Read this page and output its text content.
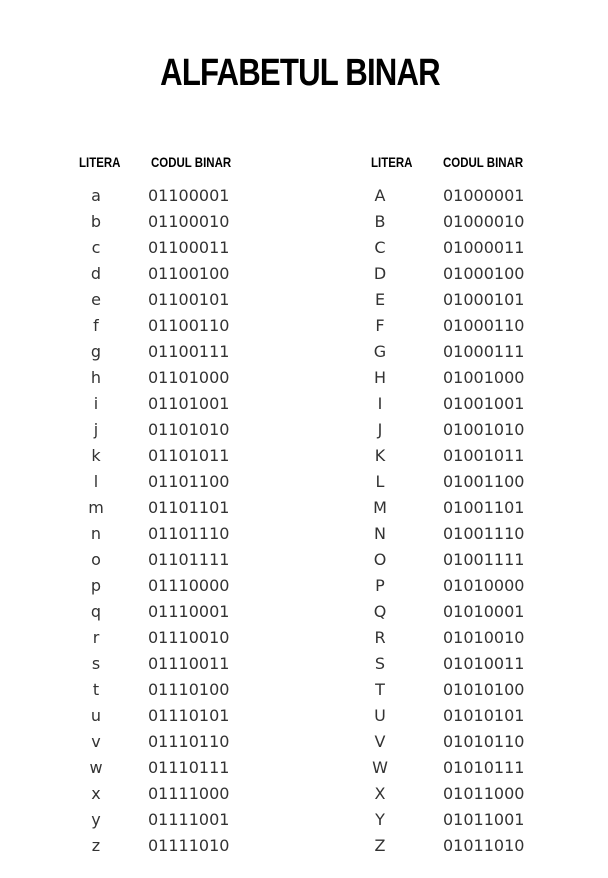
ALFABETUL BINAR
LITERA CODUL BINAR
a	01100001
b	01100010
c	01100011
d	01100100
e	01100101
f	01100110
g	01100111
h	01101000
i	01101001
j	01101010
k	01101011
l	01101100
m	01101101
n	01101110
o	01101111
p	01110000
q	01110001
r	01110010
s	01110011
t	01110100
u	01110101
v	01110110
w	01110111
x	01111000
y	01111001
z	01111010
LITERA CODUL BINAR
A	01000001
B	01000010
C	01000011
D	01000100
E	01000101
F	01000110
G	01000111
H	01001000
I	01001001
J	01001010
K	01001011
L	01001100
M	01001101
N	01001110
O	01001111
P	01010000
Q	01010001
R	01010010
S	01010011
T	01010100
U	01010101
V	01010110
W	01010111
X	01011000
Y	01011001
Z	01011010
